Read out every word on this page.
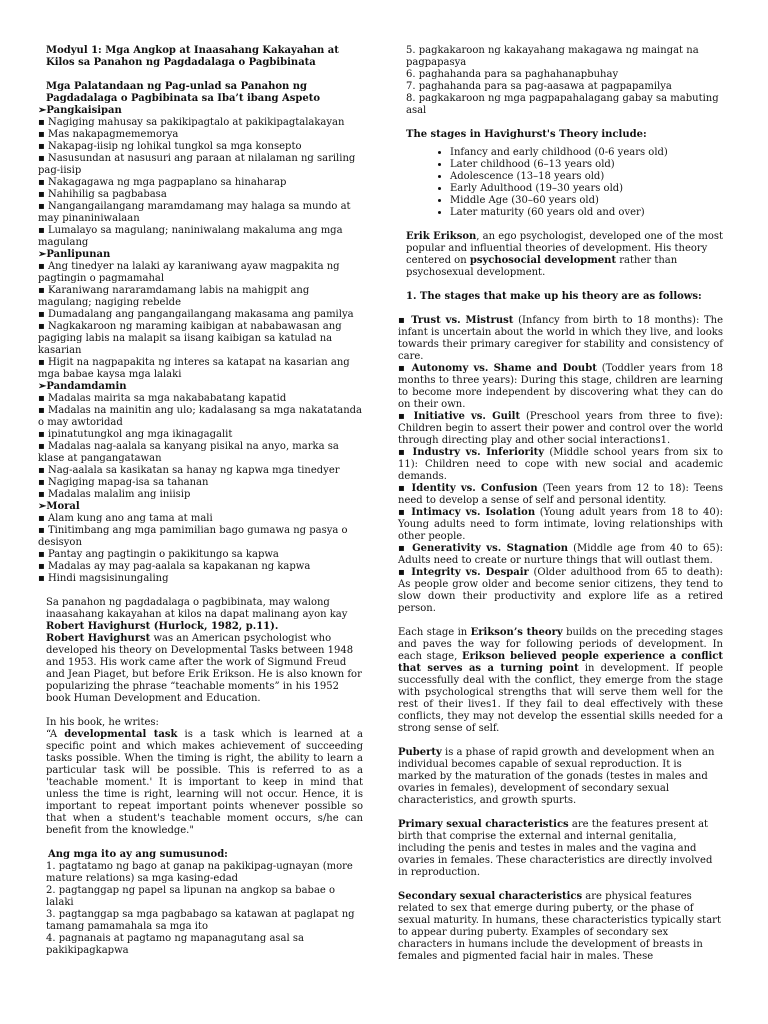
Modyul 1: Mga Angkop at Inaasahang Kakayahan at Kilos sa Panahon ng Pagdadalaga o Pagbibinata

Mga Palatandaan ng Pag-unlad sa Panahon ng Pagdadalaga o Pagbibinata sa Iba’t ibang Aspeto

➢Pangkaisipan

▪ Nagiging mahusay sa pakikipagtalo at pakikipagtalakayan

▪ Mas nakapagmememorya

▪ Nakapag-iisip ng lohikal tungkol sa mga konsepto

▪ Nasusundan at nasusuri ang paraan at nilalaman ng sariling pag-iisip

▪ Nakagagawa ng mga pagpaplano sa hinaharap

▪ Nahihilig sa pagbabasa

▪ Nangangailangang maramdamang may halaga sa mundo at may pinaniniwalaan

▪ Lumalayo sa magulang; naniniwalang makaluma ang mga magulang

➢Panlipunan

▪ Ang tinedyer na lalaki ay karaniwang ayaw magpakita ng pagtingin o pagmamahal

▪ Karaniwang nararamdamang labis na mahigpit ang magulang; nagiging rebelde

▪ Dumadalang ang pangangailangang makasama ang pamilya

▪ Nagkakaroon ng maraming kaibigan at nababawasan ang pagiging labis na malapit sa iisang kaibigan sa katulad na kasarian

▪ Higit na nagpapakita ng interes sa katapat na kasarian ang mga babae kaysa mga lalaki

➢Pandamdamin

▪ Madalas mairita sa mga nakababatang kapatid

▪ Madalas na mainitin ang ulo; kadalasang sa mga nakatatanda o may awtoridad

▪ ipinatutungkol ang mga ikinagagalit

▪ Madalas nag-aalala sa kanyang pisikal na anyo, marka sa klase at pangangatawan

▪ Nag-aalala sa kasikatan sa hanay ng kapwa mga tinedyer

▪ Nagiging mapag-isa sa tahanan

▪ Madalas malalim ang iniisip

➢Moral

▪ Alam kung ano ang tama at mali

▪ Tinitimbang ang mga pamimilian bago gumawa ng pasya o desisyon

▪ Pantay ang pagtingin o pakikitungo sa kapwa

▪ Madalas ay may pag-aalala sa kapakanan ng kapwa

▪ Hindi magsisinungaling

Sa panahon ng pagdadalaga o pagbibinata, may walong inaasahang kakayahan at kilos na dapat malinang ayon kay
Robert Havighurst (Hurlock, 1982, p.11).

Robert Havighurst was an American psychologist who developed his theory on Developmental Tasks between 1948 and 1953. His work came after the work of Sigmund Freud and Jean Piaget, but before Erik Erikson. He is also known for popularizing the phrase “teachable moments” in his 1952 book Human Development and Education.

In his book, he writes:

“A developmental task is a task which is learned at a specific point and which makes achievement of succeeding tasks possible. When the timing is right, the ability to learn a particular task will be possible. This is referred to as a 'teachable moment.' It is important to keep in mind that unless the time is right, learning will not occur. Hence, it is important to repeat important points whenever possible so that when a student's teachable moment occurs, s/he can benefit from the knowledge."

Ang mga ito ay ang sumusunod:

1. pagtatamo ng bago at ganap na pakikipag-ugnayan (more mature relations) sa mga kasing-edad

2. pagtanggap ng papel sa lipunan na angkop sa babae o lalaki

3. pagtanggap sa mga pagbabago sa katawan at paglapat ng tamang pamamahala sa mga ito

4. pagnanais at pagtamo ng mapanagutang asal sa pakikipagkapwa

5. pagkakaroon ng kakayahang makagawa ng maingat na pagpapasya

6. paghahanda para sa paghahanapbuhay

7. paghahanda para sa pag-aasawa at pagpapamilya

8. pagkakaroon ng mga pagpapahalagang gabay sa mabuting asal

The stages in Havighurst's Theory include:

• Infancy and early childhood (0-6 years old)
• Later childhood (6–13 years old)
• Adolescence (13–18 years old)
• Early Adulthood (19–30 years old)
• Middle Age (30–60 years old)
• Later maturity (60 years old and over)

Erik Erikson, an ego psychologist, developed one of the most popular and influential theories of development. His theory centered on psychosocial development rather than psychosexual development.

1. The stages that make up his theory are as follows:

▪ Trust vs. Mistrust (Infancy from birth to 18 months): The infant is uncertain about the world in which they live, and looks towards their primary caregiver for stability and consistency of care.

▪ Autonomy vs. Shame and Doubt (Toddler years from 18 months to three years): During this stage, children are learning to become more independent by discovering what they can do on their own.

▪ Initiative vs. Guilt (Preschool years from three to five): Children begin to assert their power and control over the world through directing play and other social interactions1.

▪ Industry vs. Inferiority (Middle school years from six to 11): Children need to cope with new social and academic demands.

▪ Identity vs. Confusion (Teen years from 12 to 18): Teens need to develop a sense of self and personal identity.

▪ Intimacy vs. Isolation (Young adult years from 18 to 40): Young adults need to form intimate, loving relationships with other people.

▪ Generativity vs. Stagnation (Middle age from 40 to 65): Adults need to create or nurture things that will outlast them.

▪ Integrity vs. Despair (Older adulthood from 65 to death): As people grow older and become senior citizens, they tend to slow down their productivity and explore life as a retired person.

Each stage in Erikson’s theory builds on the preceding stages and paves the way for following periods of development. In each stage, Erikson believed people experience a conflict that serves as a turning point in development. If people successfully deal with the conflict, they emerge from the stage with psychological strengths that will serve them well for the rest of their lives1. If they fail to deal effectively with these conflicts, they may not develop the essential skills needed for a strong sense of self.

Puberty is a phase of rapid growth and development when an individual becomes capable of sexual reproduction. It is marked by the maturation of the gonads (testes in males and ovaries in females), development of secondary sexual characteristics, and growth spurts.

Primary sexual characteristics are the features present at birth that comprise the external and internal genitalia, including the penis and testes in males and the vagina and ovaries in females. These characteristics are directly involved in reproduction.

Secondary sexual characteristics are physical features related to sex that emerge during puberty, or the phase of sexual maturity. In humans, these characteristics typically start to appear during puberty. Examples of secondary sex characters in humans include the development of breasts in females and pigmented facial hair in males. These
